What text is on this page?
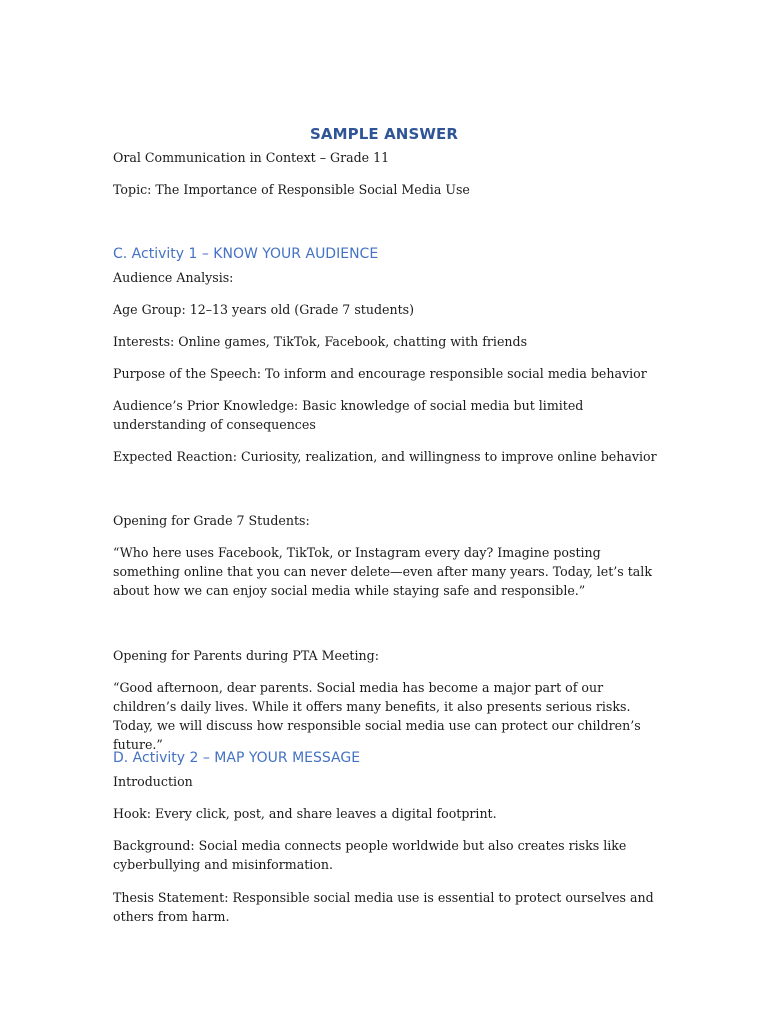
SAMPLE ANSWER
Oral Communication in Context – Grade 11
Topic: The Importance of Responsible Social Media Use
C. Activity 1 – KNOW YOUR AUDIENCE
Audience Analysis:
Age Group: 12–13 years old (Grade 7 students)
Interests: Online games, TikTok, Facebook, chatting with friends
Purpose of the Speech: To inform and encourage responsible social media behavior
Audience’s Prior Knowledge: Basic knowledge of social media but limited understanding of consequences
Expected Reaction: Curiosity, realization, and willingness to improve online behavior
Opening for Grade 7 Students:
“Who here uses Facebook, TikTok, or Instagram every day? Imagine posting something online that you can never delete—even after many years. Today, let’s talk about how we can enjoy social media while staying safe and responsible.”
Opening for Parents during PTA Meeting:
“Good afternoon, dear parents. Social media has become a major part of our children’s daily lives. While it offers many benefits, it also presents serious risks. Today, we will discuss how responsible social media use can protect our children’s future.”
D. Activity 2 – MAP YOUR MESSAGE
Introduction
Hook: Every click, post, and share leaves a digital footprint.
Background: Social media connects people worldwide but also creates risks like cyberbullying and misinformation.
Thesis Statement: Responsible social media use is essential to protect ourselves and others from harm.
